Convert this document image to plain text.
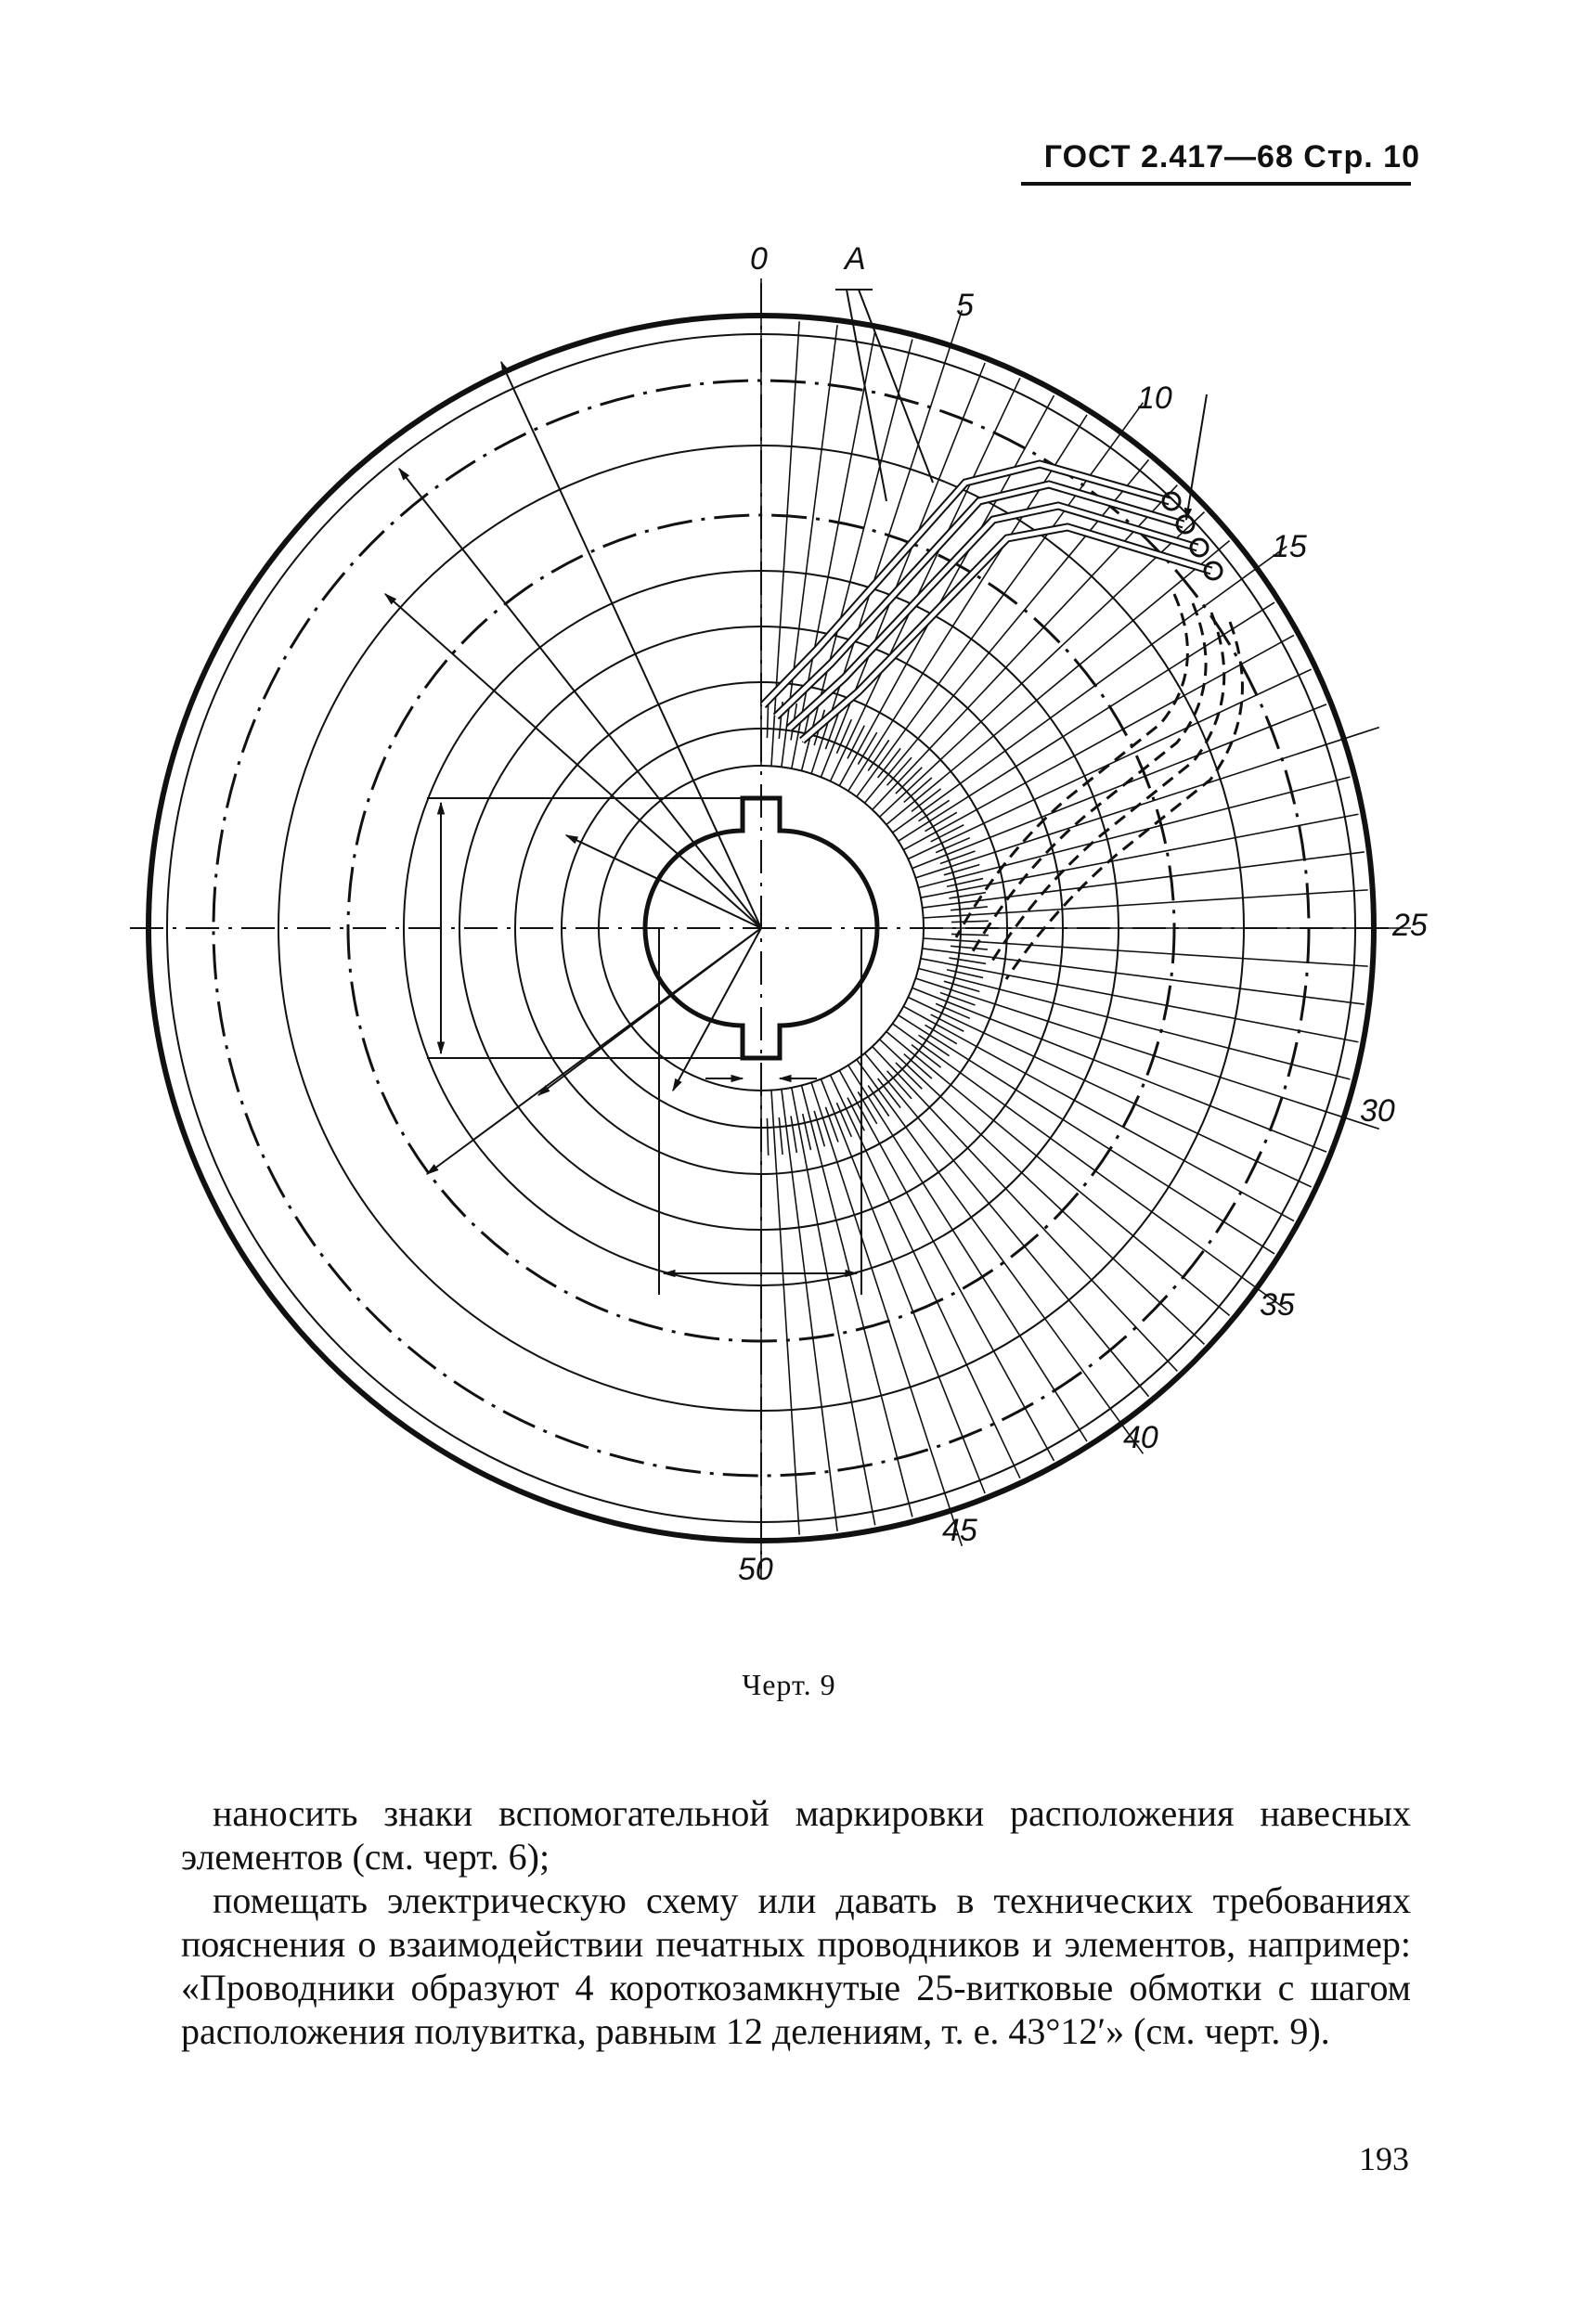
ГОСТ 2.417—68 Стр. 10
0 A
5
10
15
25
30
35
40
45
50
Черт. 9

наносить знаки вспомогательной маркировки расположения навесных элементов (см. черт. 6);

помещать электрическую схему или давать в технических требованиях пояснения о взаимодействии печатных проводников и элементов, например: «Проводники образуют 4 короткозамкнутые 25-витковые обмотки с шагом расположения полувитка, равным 12 делениям, т. е. 43°12′» (см. черт. 9).

193
